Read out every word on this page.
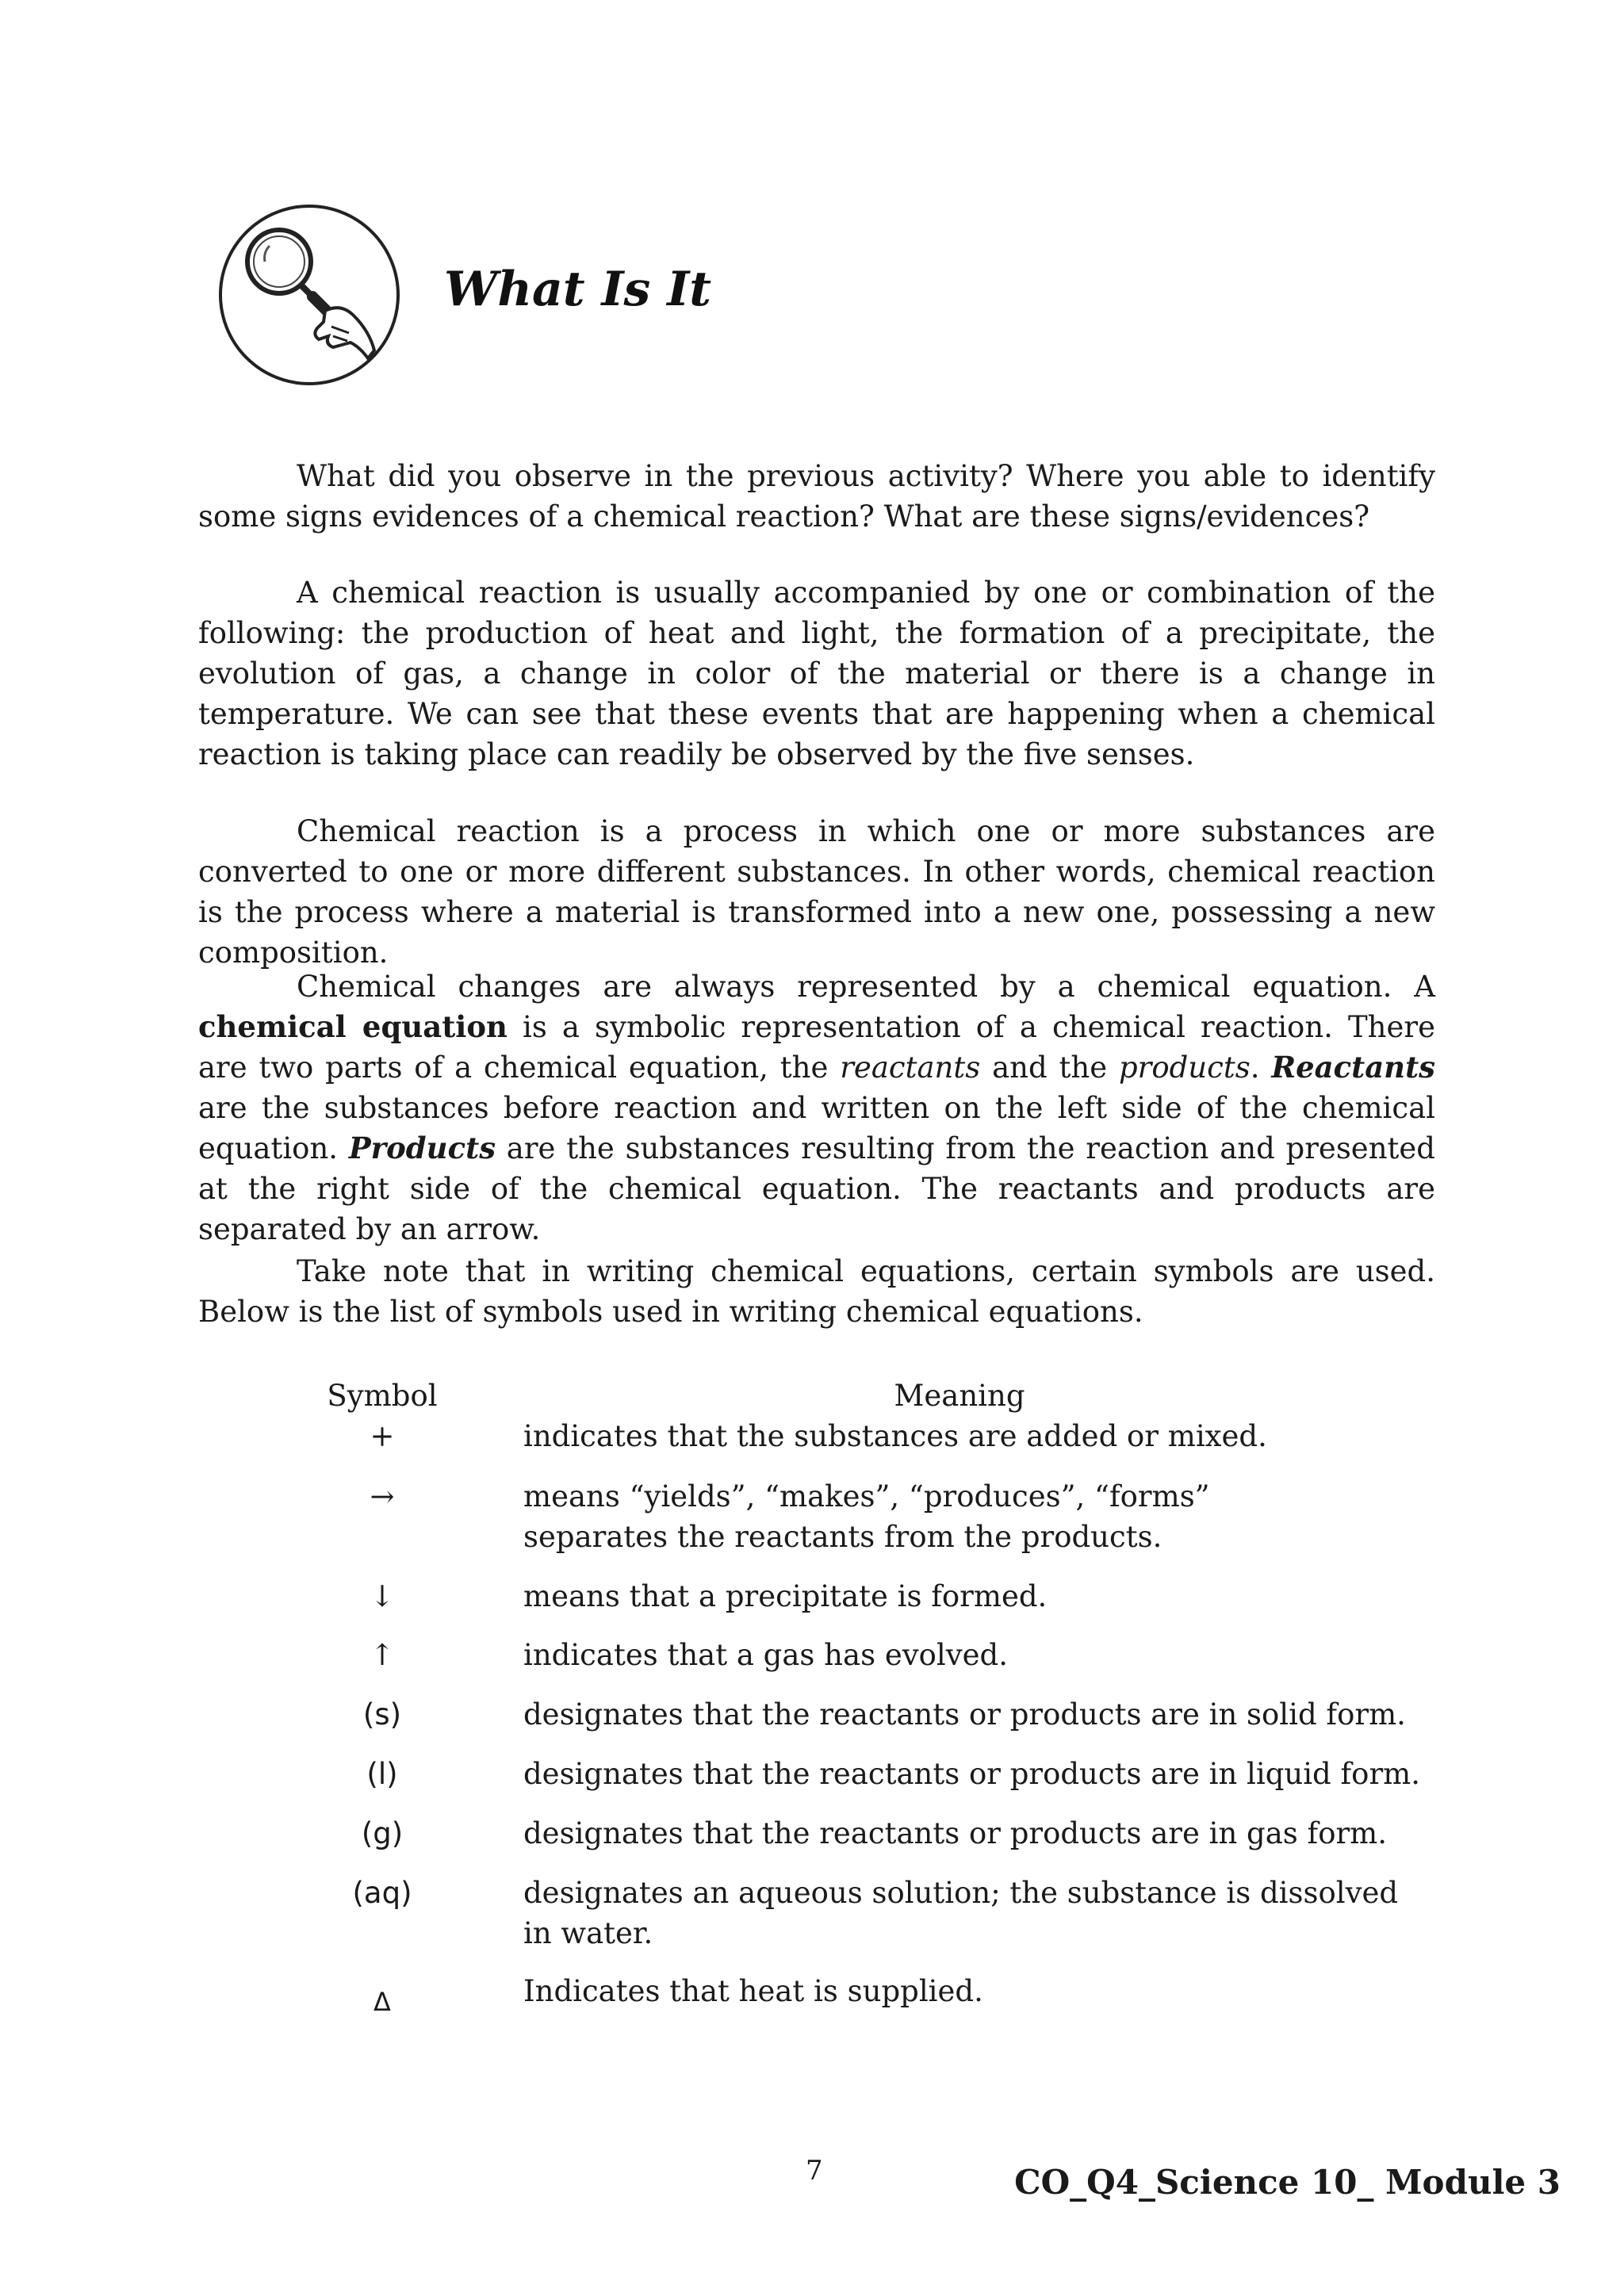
What Is It

What did you observe in the previous activity? Where you able to identify some signs evidences of a chemical reaction? What are these signs/evidences?

A chemical reaction is usually accompanied by one or combination of the following: the production of heat and light, the formation of a precipitate, the evolution of gas, a change in color of the material or there is a change in temperature. We can see that these events that are happening when a chemical reaction is taking place can readily be observed by the five senses.

Chemical reaction is a process in which one or more substances are converted to one or more different substances. In other words, chemical reaction is the process where a material is transformed into a new one, possessing a new composition.

Chemical changes are always represented by a chemical equation. A chemical equation is a symbolic representation of a chemical reaction. There are two parts of a chemical equation, the reactants and the products. Reactants are the substances before reaction and written on the left side of the chemical equation. Products are the substances resulting from the reaction and presented at the right side of the chemical equation. The reactants and products are separated by an arrow.

Take note that in writing chemical equations, certain symbols are used. Below is the list of symbols used in writing chemical equations.

Symbol	Meaning

+	indicates that the substances are added or mixed.
→	means “yields”, “makes”, “produces”, “forms” separates the reactants from the products.
↓	means that a precipitate is formed.
↑	indicates that a gas has evolved.
(s)	designates that the reactants or products are in solid form.
(l)	designates that the reactants or products are in liquid form.
(g)	designates that the reactants or products are in gas form.
(aq)	designates an aqueous solution; the substance is dissolved in water.
Δ	Indicates that heat is supplied.
7	CO_Q4_Science 10_ Module 3
